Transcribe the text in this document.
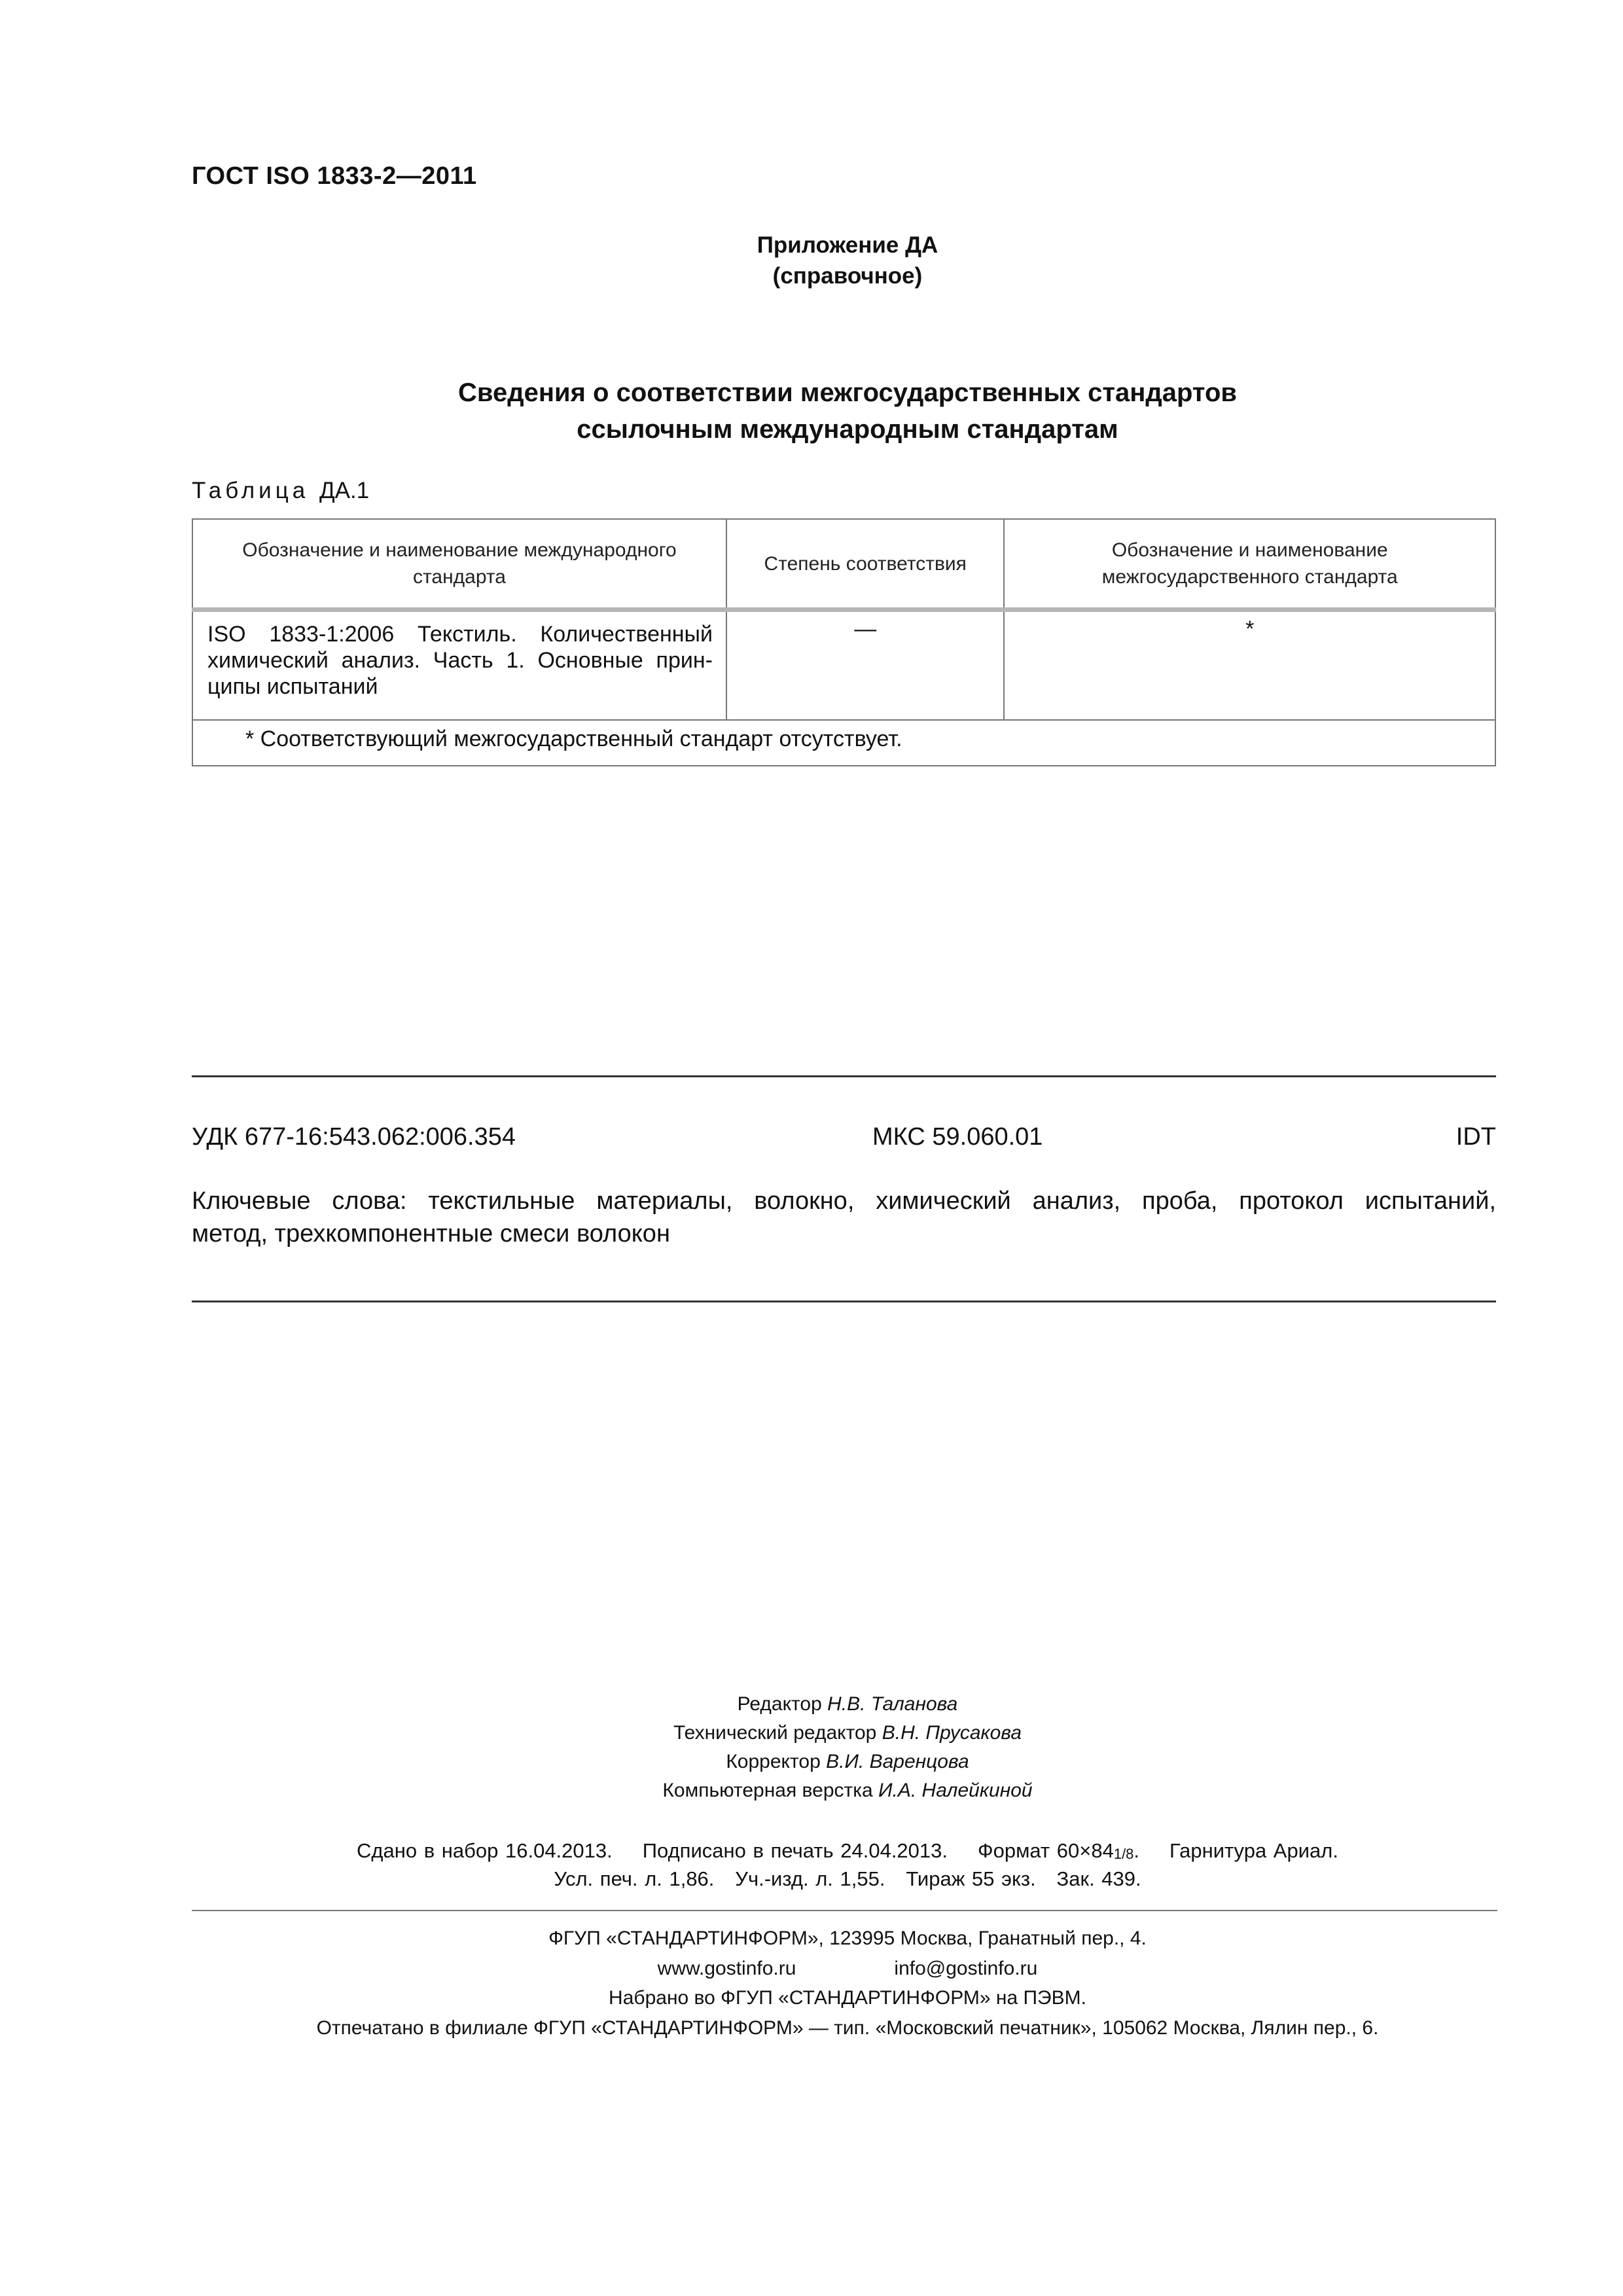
ГОСТ ISO 1833-2—2011
Приложение ДА
(справочное)
Сведения о соответствии межгосударственных стандартов
ссылочным международным стандартам
Таблица ДА.1
Обозначение и наименование международного стандарта	Степень соответствия	Обозначение и наименование межгосударственного стандарта
ISO 1833-1:2006 Текстиль. Количественный химический анализ. Часть 1. Основные прин-ципы испытаний	—	*
* Соответствующий межгосударственный стандарт отсутствует.		
УДК 677-16:543.062:006.354	МКС 59.060.01	IDT
Ключевые слова: текстильные материалы, волокно, химический анализ, проба, протокол испытаний,
метод, трехкомпонентные смеси волокон
Редактор Н.В. Таланова
Технический редактор В.Н. Прусакова
Корректор В.И. Варенцова
Компьютерная верстка И.А. Налейкиной
Сдано в набор 16.04.2013. Подписано в печать 24.04.2013. Формат 60×841/8. Гарнитура Ариал.
Усл. печ. л. 1,86. Уч.-изд. л. 1,55. Тираж 55 экз. Зак. 439.
ФГУП «СТАНДАРТИНФОРМ», 123995 Москва, Гранатный пер., 4.
www.gostinfo.ru	info@gostinfo.ru
Набрано во ФГУП «СТАНДАРТИНФОРМ» на ПЭВМ.
Отпечатано в филиале ФГУП «СТАНДАРТИНФОРМ» — тип. «Московский печатник», 105062 Москва, Лялин пер., 6.
